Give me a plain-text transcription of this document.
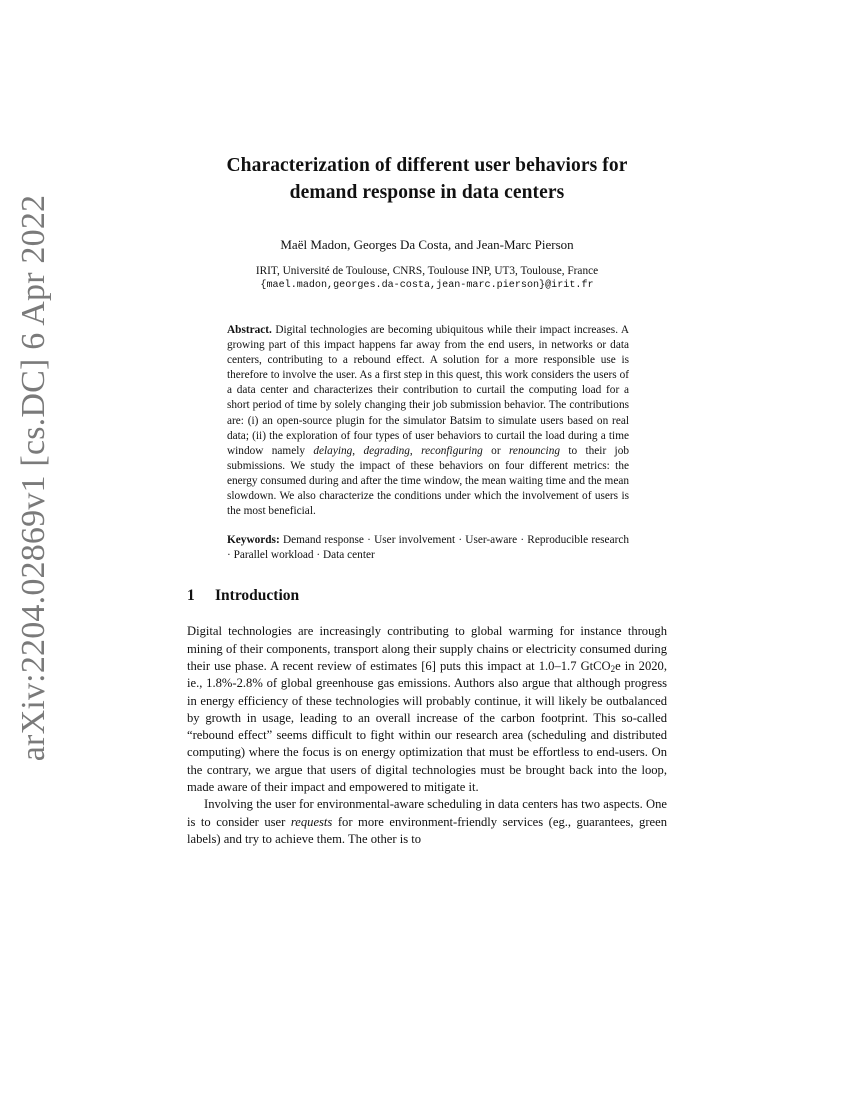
arXiv:2204.02869v1 [cs.DC] 6 Apr 2022
Characterization of different user behaviors for
demand response in data centers
Maël Madon, Georges Da Costa, and Jean-Marc Pierson
IRIT, Université de Toulouse, CNRS, Toulouse INP, UT3, Toulouse, France
{mael.madon,georges.da-costa,jean-marc.pierson}@irit.fr
Abstract. Digital technologies are becoming ubiquitous while their impact increases. A growing part of this impact happens far away from the end users, in networks or data centers, contributing to a rebound effect. A solution for a more responsible use is therefore to involve the user. As a first step in this quest, this work considers the users of a data center and characterizes their contribution to curtail the computing load for a short period of time by solely changing their job submission behavior. The contributions are: (i) an open-source plugin for the simulator Batsim to simulate users based on real data; (ii) the exploration of four types of user behaviors to curtail the load during a time window namely delaying, degrading, reconfiguring or renouncing to their job submissions. We study the impact of these behaviors on four different metrics: the energy consumed during and after the time window, the mean waiting time and the mean slowdown. We also characterize the conditions under which the involvement of users is the most beneficial.
Keywords: Demand response · User involvement · User-aware · Reproducible research · Parallel workload · Data center
1 Introduction

Digital technologies are increasingly contributing to global warming for instance through mining of their components, transport along their supply chains or electricity consumed during their use phase. A recent review of estimates [6] puts this impact at 1.0–1.7 GtCO$_2$e in 2020, ie., 1.8%-2.8% of global greenhouse gas emissions. Authors also argue that although progress in energy efficiency of these technologies will probably continue, it will likely be outbalanced by growth in usage, leading to an overall increase of the carbon footprint. This so-called “rebound effect” seems difficult to fight within our research area (scheduling and distributed computing) where the focus is on energy optimization that must be effortless to end-users. On the contrary, we argue that users of digital technologies must be brought back into the loop, made aware of their impact and empowered to mitigate it.

Involving the user for environmental-aware scheduling in data centers has two aspects. One is to consider user requests for more environment-friendly services (eg., guarantees, green labels) and try to achieve them. The other is to
